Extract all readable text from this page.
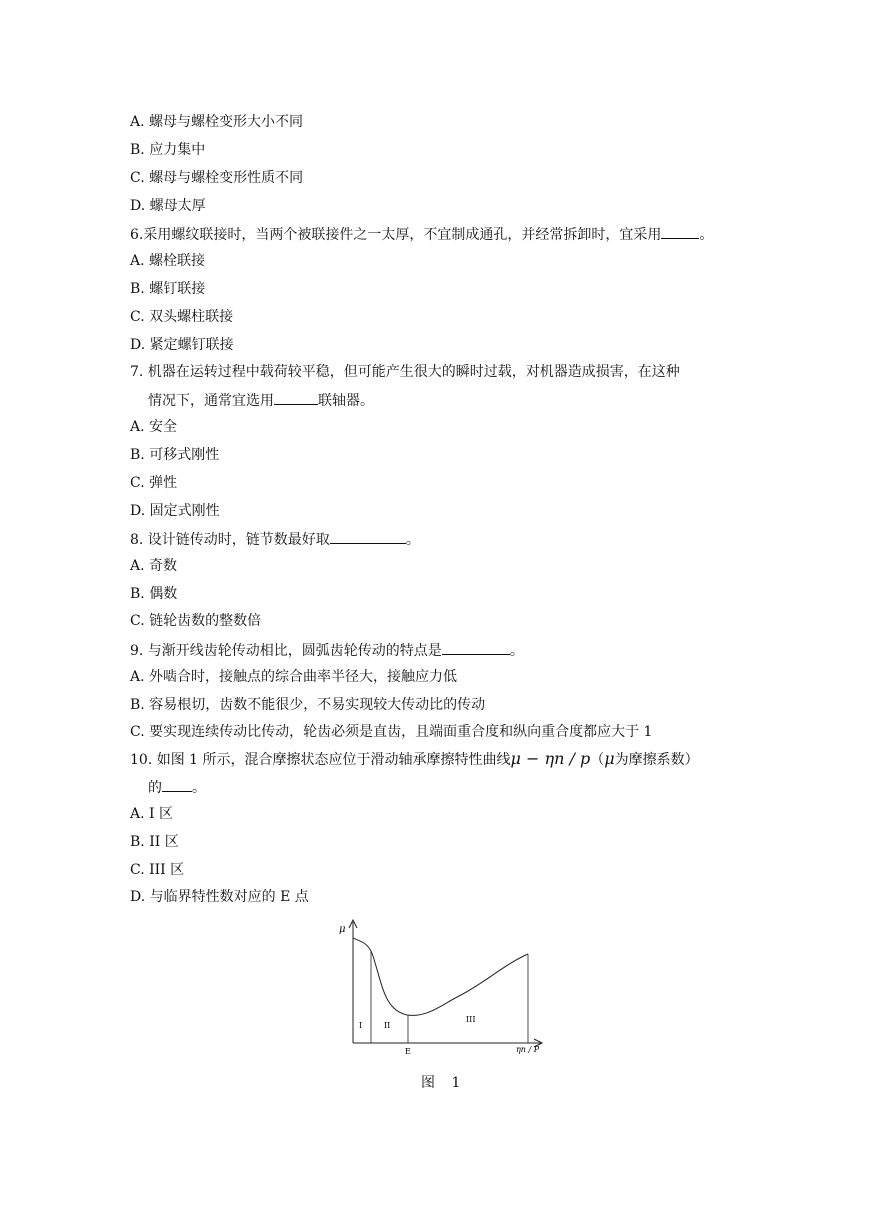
A. 螺母与螺栓变形大小不同
B. 应力集中
C. 螺母与螺栓变形性质不同
D. 螺母太厚
6.采用螺纹联接时，当两个被联接件之一太厚，不宜制成通孔，并经常拆卸时，宜采用	。
A. 螺栓联接
B. 螺钉联接
C. 双头螺柱联接
D. 紧定螺钉联接
7. 机器在运转过程中载荷较平稳，但可能产生很大的瞬时过载，对机器造成损害，在这种
情况下，通常宜选用	联轴器。
A. 安全
B. 可移式刚性
C. 弹性
D. 固定式刚性
8. 设计链传动时，链节数最好取	。
A. 奇数
B. 偶数
C. 链轮齿数的整数倍
9. 与渐开线齿轮传动相比，圆弧齿轮传动的特点是	。
A. 外啮合时，接触点的综合曲率半径大，接触应力低
B. 容易根切，齿数不能很少，不易实现较大传动比的传动
C. 要实现连续传动比传动，轮齿必须是直齿，且端面重合度和纵向重合度都应大于 1
10. 如图 1 所示，混合摩擦状态应位于滑动轴承摩擦特性曲线μ − ηn / p（μ为摩擦系数）
的 。
A. I 区
B. II 区
C. III 区
D. 与临界特性数对应的 E 点
μ
I	II
III
E	ηn / P
图 1
